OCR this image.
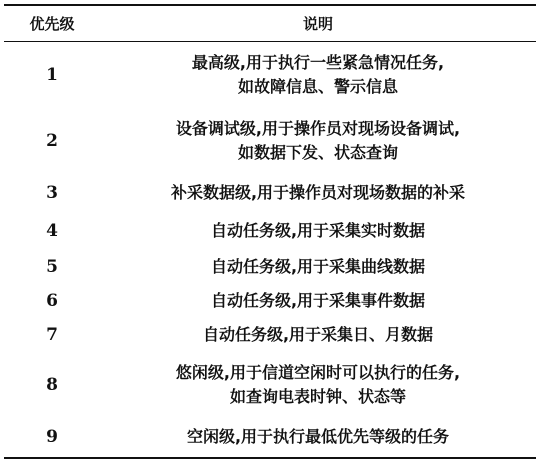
优先级	说明
1	最高级,用于执行一些紧急情况任务,
如故障信息、警示信息

2	设备调试级,用于操作员对现场设备调试,
如数据下发、状态查询

3	补采数据级,用于操作员对现场数据的补采

4	自动任务级,用于采集实时数据

5	自动任务级,用于采集曲线数据

6	自动任务级,用于采集事件数据

7	自动任务级,用于采集日、月数据

8	悠闲级,用于信道空闲时可以执行的任务,
如查询电表时钟、状态等

9	空闲级,用于执行最低优先等级的任务
